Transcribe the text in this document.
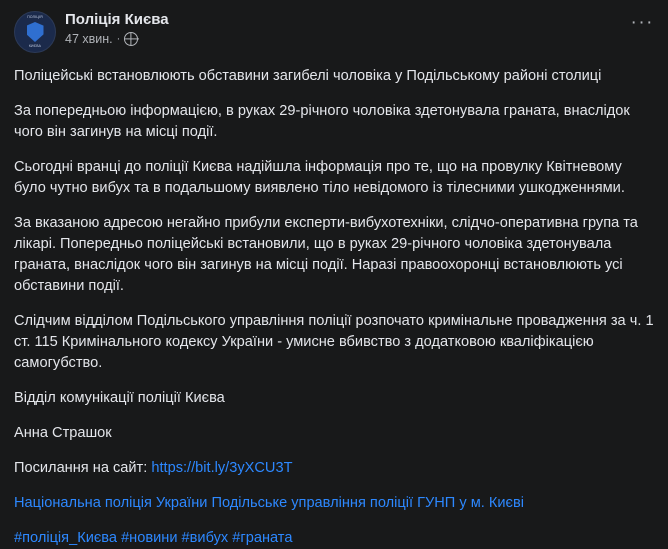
ПОЛІЦІЯ
КИЄВА
Поліція Києва
47 хвин. ·
···

Поліцейські встановлюють обставини загибелі чоловіка у Подільському районі столиці

За попередньою інформацією, в руках 29-річного чоловіка здетонувала граната, внаслідок чого він загинув на місці події.

Сьогодні вранці до поліції Києва надійшла інформація про те, що на провулку Квітневому було чутно вибух та в подальшому виявлено тіло невідомого із тілесними ушкодженнями.

За вказаною адресою негайно прибули експерти-вибухотехніки, слідчо-оперативна група та лікарі. Попередньо поліцейські встановили, що в руках 29-річного чоловіка здетонувала граната, внаслідок чого він загинув на місці події. Наразі правоохоронці встановлюють усі обставини події.

Слідчим відділом Подільського управління поліції розпочато кримінальне провадження за ч. 1 ст. 115 Кримінального кодексу України - умисне вбивство з додатковою кваліфікацією самогубство.

Відділ комунікації поліції Києва

Анна Страшок

Посилання на сайт: https://bit.ly/3yXCU3T

Національна поліція України Подільське управління поліції ГУНП у м. Києві

#поліція_Києва #новини #вибух #граната
